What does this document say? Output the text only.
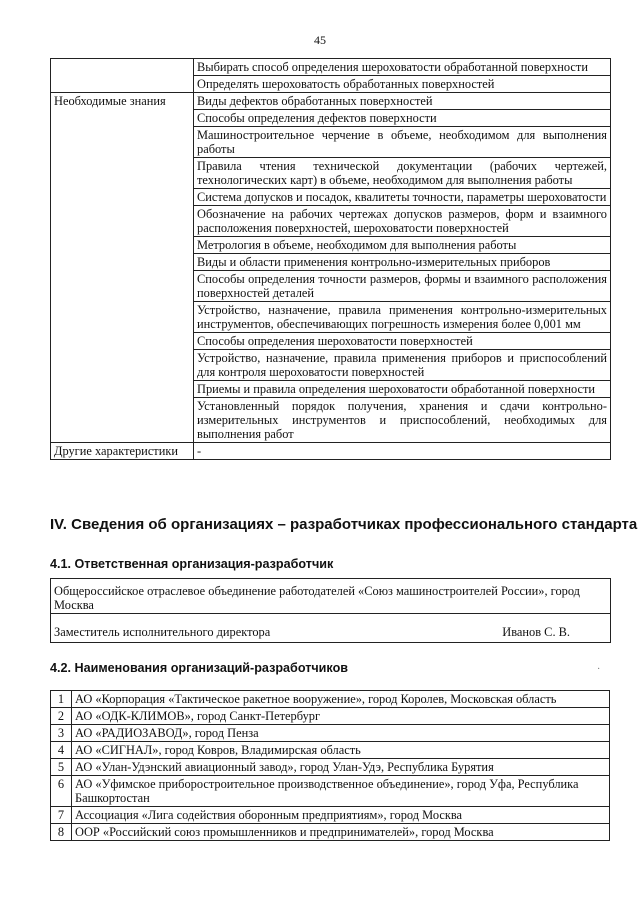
45
	Выбирать способ определения шероховатости обработанной поверхности
	Определять шероховатость обработанных поверхностей
Необходимые знания	Виды дефектов обработанных поверхностей
	Способы определения дефектов поверхности
	Машиностроительное черчение в объеме, необходимом для выполнения работы
	Правила чтения технической документации (рабочих чертежей, технологических карт) в объеме, необходимом для выполнения работы
	Система допусков и посадок, квалитеты точности, параметры шероховатости
	Обозначение на рабочих чертежах допусков размеров, форм и взаимного расположения поверхностей, шероховатости поверхностей
	Метрология в объеме, необходимом для выполнения работы
	Виды и области применения контрольно-измерительных приборов
	Способы определения точности размеров, формы и взаимного расположения поверхностей деталей
	Устройство, назначение, правила применения контрольно-измерительных инструментов, обеспечивающих погрешность измерения более 0,001 мм
	Способы определения шероховатости поверхностей
	Устройство, назначение, правила применения приборов и приспособлений для контроля шероховатости поверхностей
	Приемы и правила определения шероховатости обработанной поверхности
	Установленный порядок получения, хранения и сдачи контрольно-измерительных инструментов и приспособлений, необходимых для выполнения работ
Другие характеристики	-
IV. Сведения об организациях – разработчиках профессионального стандарта
4.1. Ответственная организация-разработчик
Общероссийское отраслевое объединение работодателей «Союз машиностроителей России», город Москва
Заместитель исполнительного директора	Иванов С. В.
4.2. Наименования организаций-разработчиков	·
1	АО «Корпорация «Тактическое ракетное вооружение», город Королев, Московская область
2	АО «ОДК-КЛИМОВ», город Санкт-Петербург
3	АО «РАДИОЗАВОД», город Пенза
4	АО «СИГНАЛ», город Ковров, Владимирская область
5	АО «Улан-Удэнский авиационный завод», город Улан-Удэ, Республика Бурятия
6	АО «Уфимское приборостроительное производственное объединение», город Уфа, Республика Башкортостан
7	Ассоциация «Лига содействия оборонным предприятиям», город Москва
8	ООР «Российский союз промышленников и предпринимателей», город Москва
